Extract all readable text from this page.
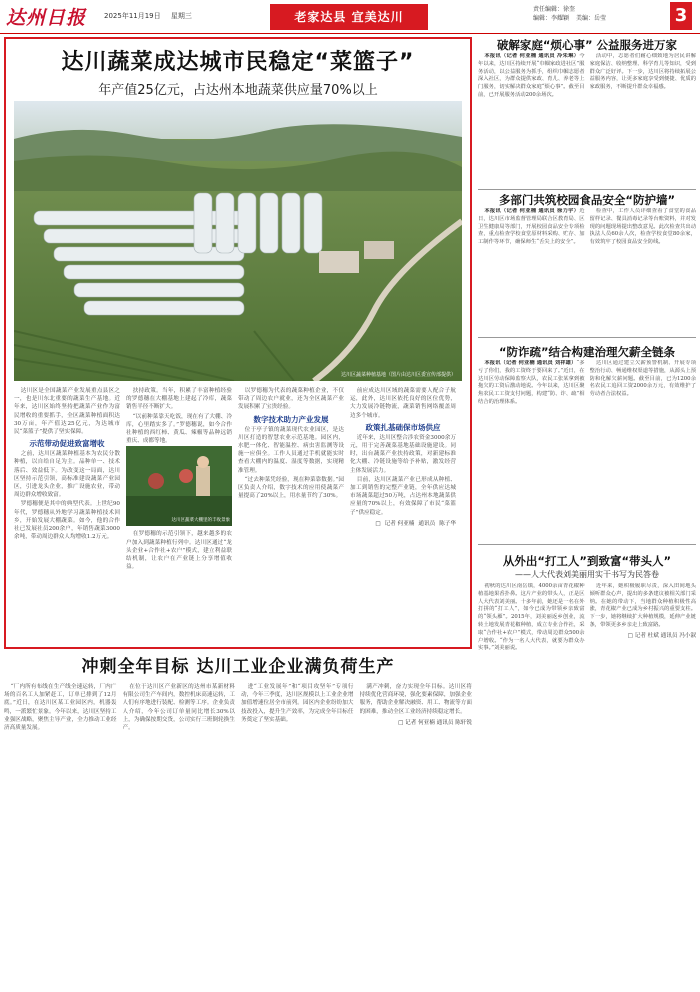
达州日报	2025年11月19日 星期三	老家达县 宜美达川
责任编辑：徐奎
编辑：李耀颖 美编：岳莹	3
达川蔬菜成达城市民稳定“菜篮子”
年产值25亿元，占达州本地蔬菜供应量70%以上
达川区蔬菜种植基地（图片由达川区委宣传部提供）

达川区是全国蔬菜产业发展重点县区之一，也是川东北重要的蔬菜生产基地。近年来，达川区始终坚持把蔬菜产业作为富民增收的重要抓手，全区蔬菜种植面积达30万亩，年产值达25亿元，为达城市民“菜篮子”提供了坚实保障。

示范带动促进致富增收

之前，达川区蔬菜种植基本为农民分散种植，以自给自足为主。品种单一、技术落后、效益低下。为改变这一局面，达川区坚持示范引领，高标准建设蔬菜产业园区，引进龙头企业，推广设施农业，带动周边群众增收致富。

罗德穗便是其中的典型代表。上世纪90年代，罗德穗从外地学习蔬菜种植技术回乡，开始发展大棚蔬菜。如今，他的合作社已发展社员200余户，年销售蔬菜3000余吨，带动周边群众人均增收1.2万元。

扶持政策。当年，积累了丰富种植经验的罗德穗在大棚基地上建起了冷库，蔬菜销售半径不断扩大。

“以前种菜靠天吃饭，现在有了大棚、冷库，心里踏实多了。”罗德穗说，如今合作社种植的西红柿、黄瓜、辣椒等品种远销重庆、成都等地。

达川区蔬菜大棚里的丰收景象

在罗德穗的示范引领下，越来越多的农户加入到蔬菜种植行列中。达川区通过“龙头企业+合作社+农户”模式，建立利益联结机制，让农户在产业链上分享增值收益。

以罗德穗为代表的蔬菜种植企业，不仅带动了周边农户就业，还为全区蔬菜产业发展积累了宝贵经验。

数字技术助力产业发展

位于亭子镇的蔬菜现代农业园区，是达川区打造的智慧农业示范基地。园区内，水肥一体化、智能温控、病虫害监测等设施一应俱全。工作人员通过手机就能实时查看大棚内的温度、湿度等数据，实现精准管理。

“过去种菜凭经验，现在种菜靠数据。”园区负责人介绍，数字技术的应用使蔬菜产量提高了20%以上，用水量节约了30%。

前应成达川区域的蔬菜需要人配合子航运，此外，达川区依托良好的区位优势，大力发展冷链物流，蔬菜销售网络覆盖周边多个城市。

政策扎基础保市场供应

近年来，达川区整合涉农资金3000余万元，用于完善蔬菜基地基础设施建设。同时，出台蔬菜产业扶持政策，对新建标准化大棚、冷链设施等给予补贴，激发经营主体发展活力。

目前，达川区蔬菜产业已形成从种植、加工到销售的完整产业链，全年供应达城市场蔬菜超过50万吨，占达州本地蔬菜供应量的70%以上，有效保障了市民“菜篮子”供应稳定。

□ 记者 何亚楠 通讯员 陈子华
破解家庭“烦心事” 公益服务进万家

本报讯（记者 何亚楠 通讯员 冷朱琳）今年以来，达川区持续开展“巾帼家政进社区”服务活动，以公益服务为抓手，组织巾帼志愿者深入社区，为群众提供家政、育儿、养老等上门服务，切实解决群众家庭“烦心事”。截至目前，已开展服务活动200余场次。

活动中，志愿者们耐心细致地为居民讲解家庭保洁、收纳整理、科学育儿等知识，受到群众广泛好评。下一步，达川区将持续拓展公益服务内容，让更多家庭享受到便捷、优质的家政服务，不断提升群众幸福感。

多部门共筑校园食品安全“防护墙”

本报讯（记者 何亚楠 通讯员 徐力宇）近日，达川区市场监督管理局联合区教育局、区卫生健康局等部门，开展校园食品安全专项检查，重点检查学校食堂原材料采购、贮存、加工制作等环节，确保师生“舌尖上的安全”。

检查中，工作人员详细查看了食堂的食品留样记录、餐具消毒记录等台账资料，并对发现的问题现场提出整改意见。此次检查共出动执法人员60余人次，检查学校食堂80余家，有效筑牢了校园食品安全防线。

“防诈疏”结合构建治理欠薪全链条

本报讯（记者 何亚楠 通讯员 刘祥雄）“多亏了你们，我的工资终于要回来了。”近日，在达川区劳动保障监察大队，农民工张某拿到被拖欠的工资后激动地说。今年以来，达川区聚焦农民工工资支付问题，构建“防、诈、疏”相结合的治理体系。

达川区通过建立欠薪预警机制、开展专项整治行动、畅通维权渠道等措施，从源头上预防和化解欠薪问题。截至目前，已为1200余名农民工追回工资2000余万元，有效维护了劳动者合法权益。

从外出“打工人”到致富“带头人”
——人大代表刘美丽用实干书写为民答卷

初秋的达川区南岳镇，4000余亩青花椒种植基地果香扑鼻。这片产业的带头人，正是区人大代表刘美丽。十多年前，她还是一名在外打拼的“打工人”，如今已成为带领乡亲致富的“领头雁”。2015年，刘美丽返乡创业，流转土地发展青花椒种植，成立专业合作社，采取“合作社+农户”模式，带动周边群众500余户增收。“作为一名人大代表，就要为群众办实事。”刘美丽说。

近年来，她积极履职尽责，深入田间地头倾听群众心声，提出的多条建议被相关部门采纳。在她的带动下，当地群众种植积极性高涨，青花椒产业已成为乡村振兴的重要支柱。下一步，她将继续扩大种植规模，延伸产业链条，带领更多乡亲走上致富路。

□ 记者 杜斌 通讯员 冯小淑
冲刺全年目标 达川工业企业满负荷生产

“厂内所有布线在生产线全速运转，厂内广场的百名工人加紧赶工，订单已排到了12月底。”近日，在达川区某工业园区内，机器轰鸣，一派繁忙景象。今年以来，达川区坚持工业强区战略，聚焦主导产业，全力推动工业经济高质量发展。

在位于达川区产业新区的达州市某新材料有限公司生产车间内，数控机床高速运转，工人们有序地进行装配、检测等工序。企业负责人介绍，今年公司订单量同比增长30%以上，为确保按期交货，公司实行三班倒轮换生产。

进“工业发展年”和“项目攻坚年”专项行动，今年三季度，达川区规模以上工业企业增加值增速位居全市前列。园区内企业纷纷加大技改投入，提升生产效率，为完成全年目标任务奠定了坚实基础。

满产冲刺，奋力实现全年目标。达川区将持续优化营商环境，强化要素保障，加强企业服务，帮助企业解决融资、用工、物流等方面的困难，推动全区工业经济持续稳定增长。

□ 记者 何亚楠 通讯员 陈轩锐
